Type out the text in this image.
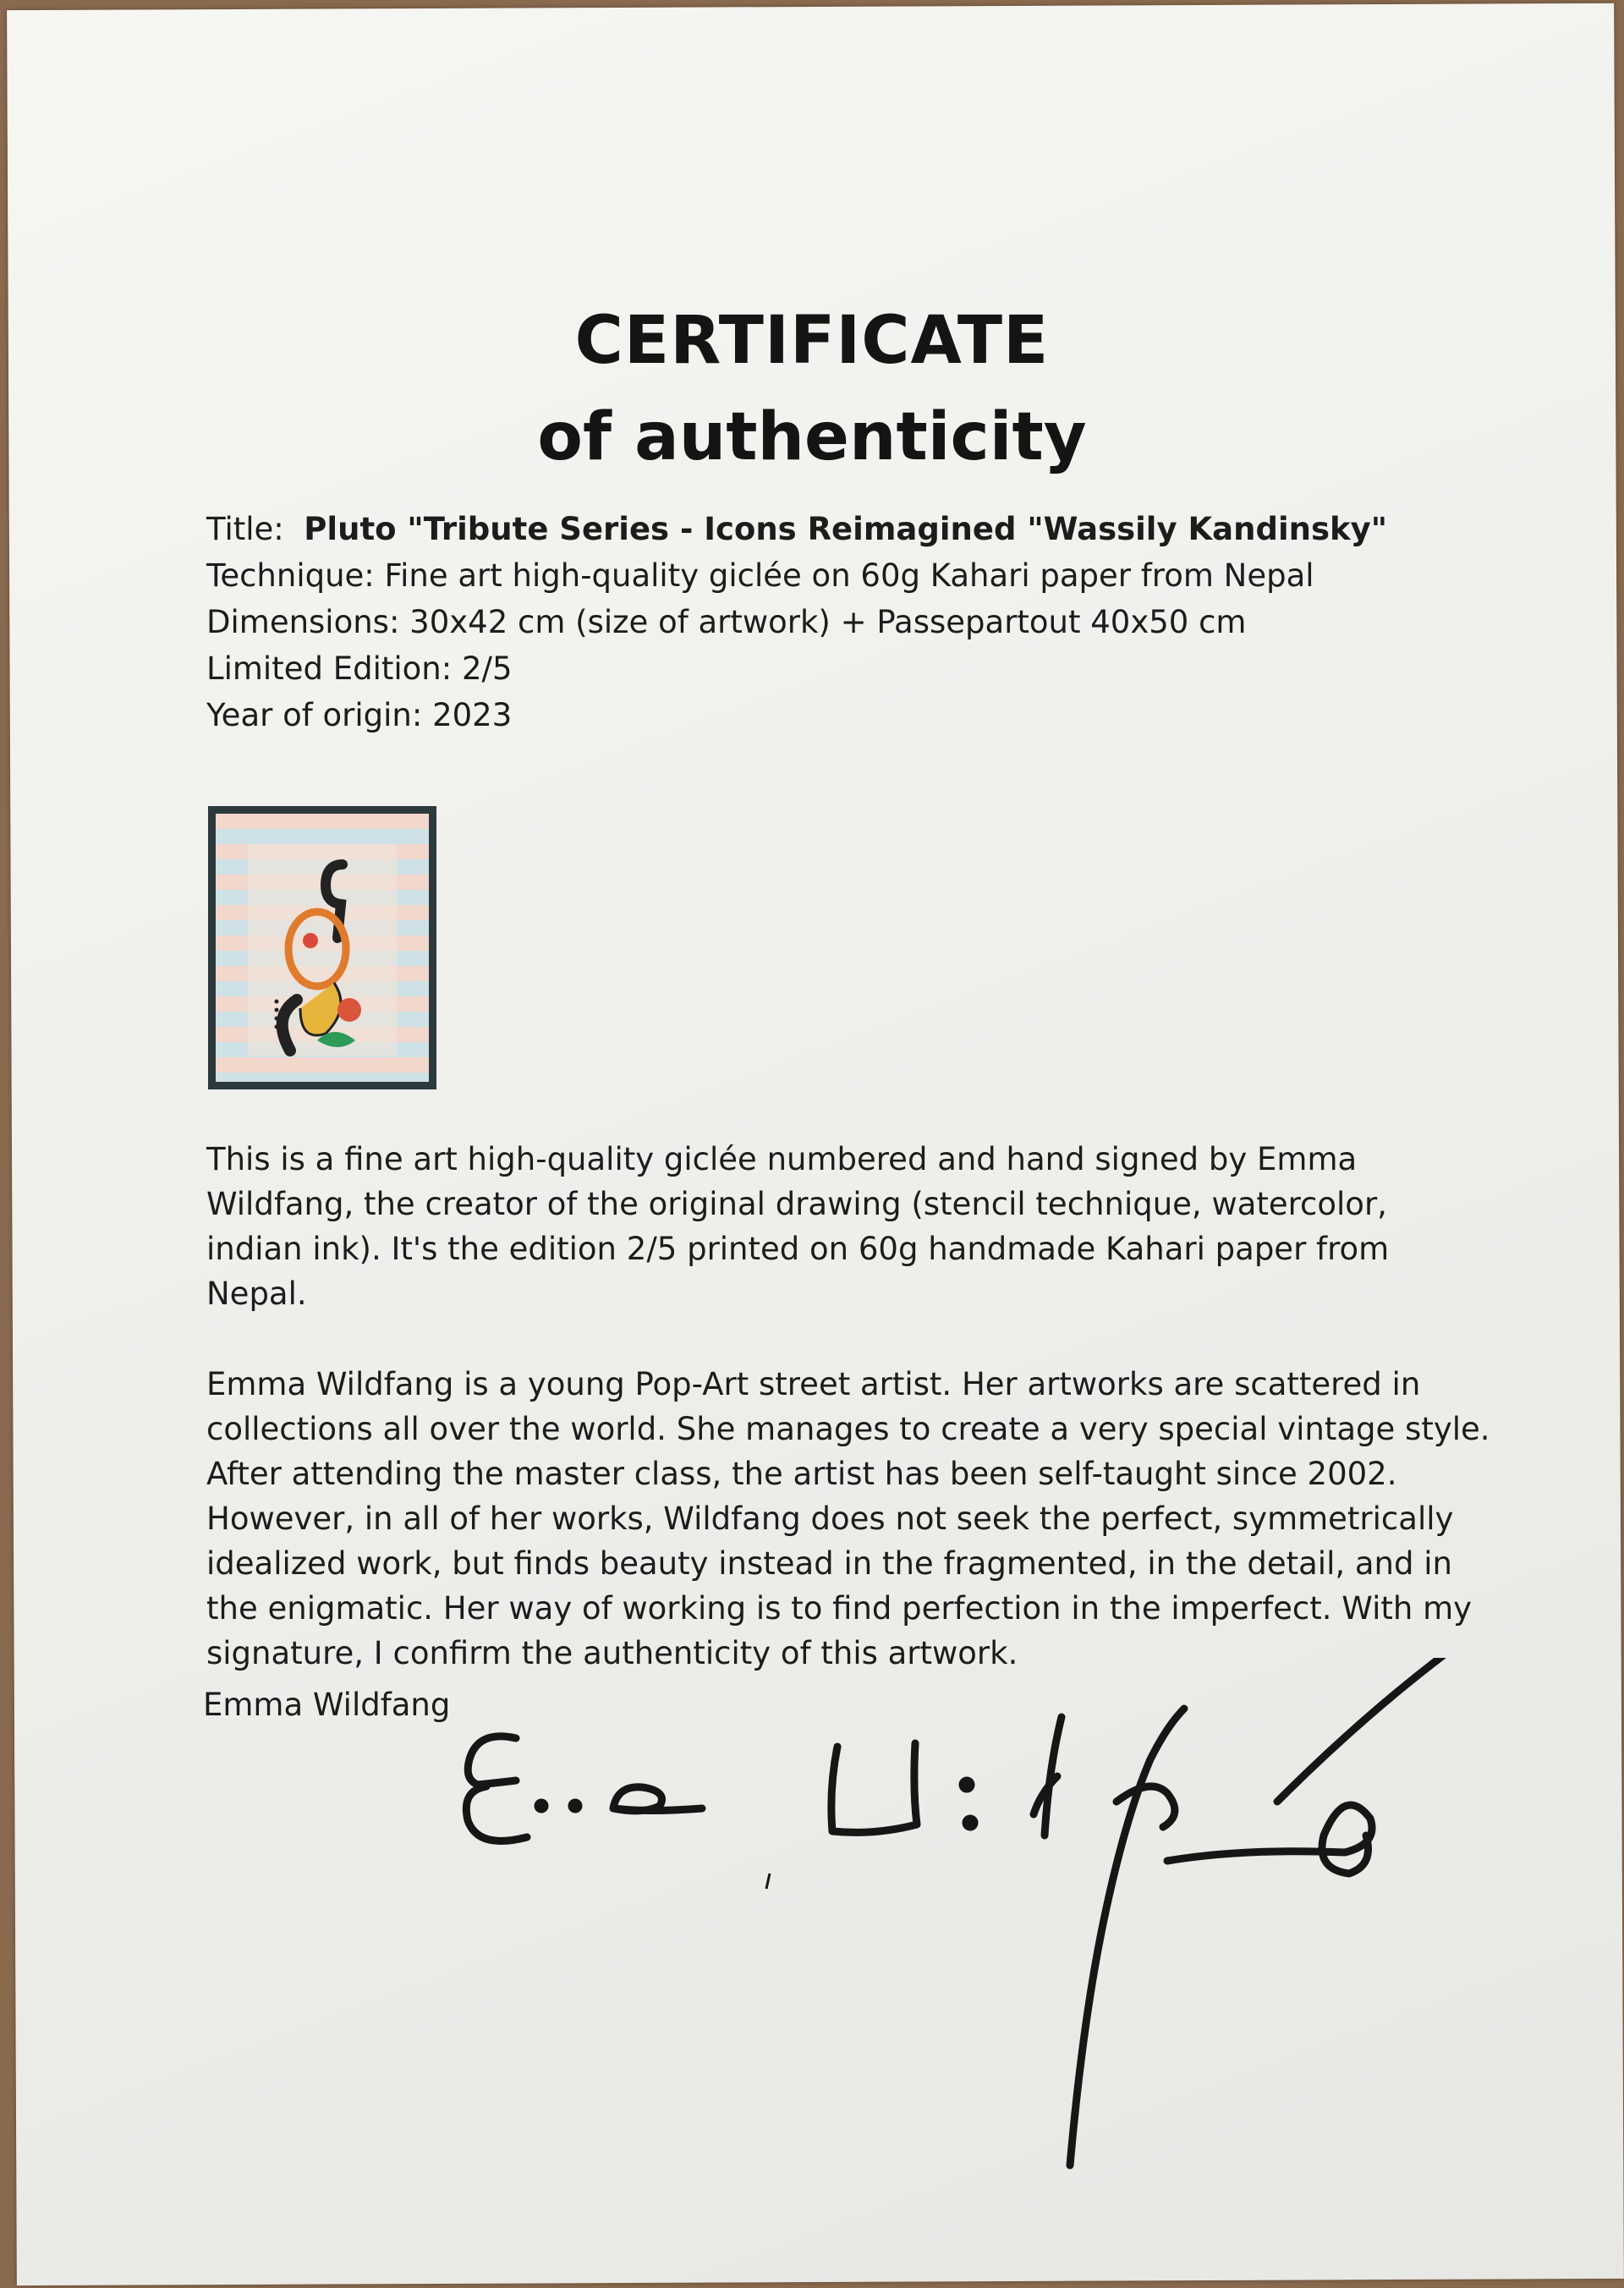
CERTIFICATE
of authenticity
Title: Pluto "Tribute Series - Icons Reimagined "Wassily Kandinsky"
Technique: Fine art high-quality giclée on 60g Kahari paper from Nepal
Dimensions: 30x42 cm (size of artwork) + Passepartout 40x50 cm
Limited Edition: 2/5
Year of origin: 2023
This is a fine art high-quality giclée numbered and hand signed by Emma
Wildfang, the creator of the original drawing (stencil technique, watercolor,
indian ink). It's the edition 2/5 printed on 60g handmade Kahari paper from
Nepal.
Emma Wildfang is a young Pop-Art street artist. Her artworks are scattered in
collections all over the world. She manages to create a very special vintage style.
After attending the master class, the artist has been self-taught since 2002.
However, in all of her works, Wildfang does not seek the perfect, symmetrically
idealized work, but finds beauty instead in the fragmented, in the detail, and in
the enigmatic. Her way of working is to find perfection in the imperfect. With my
signature, I confirm the authenticity of this artwork.
Emma Wildfang
